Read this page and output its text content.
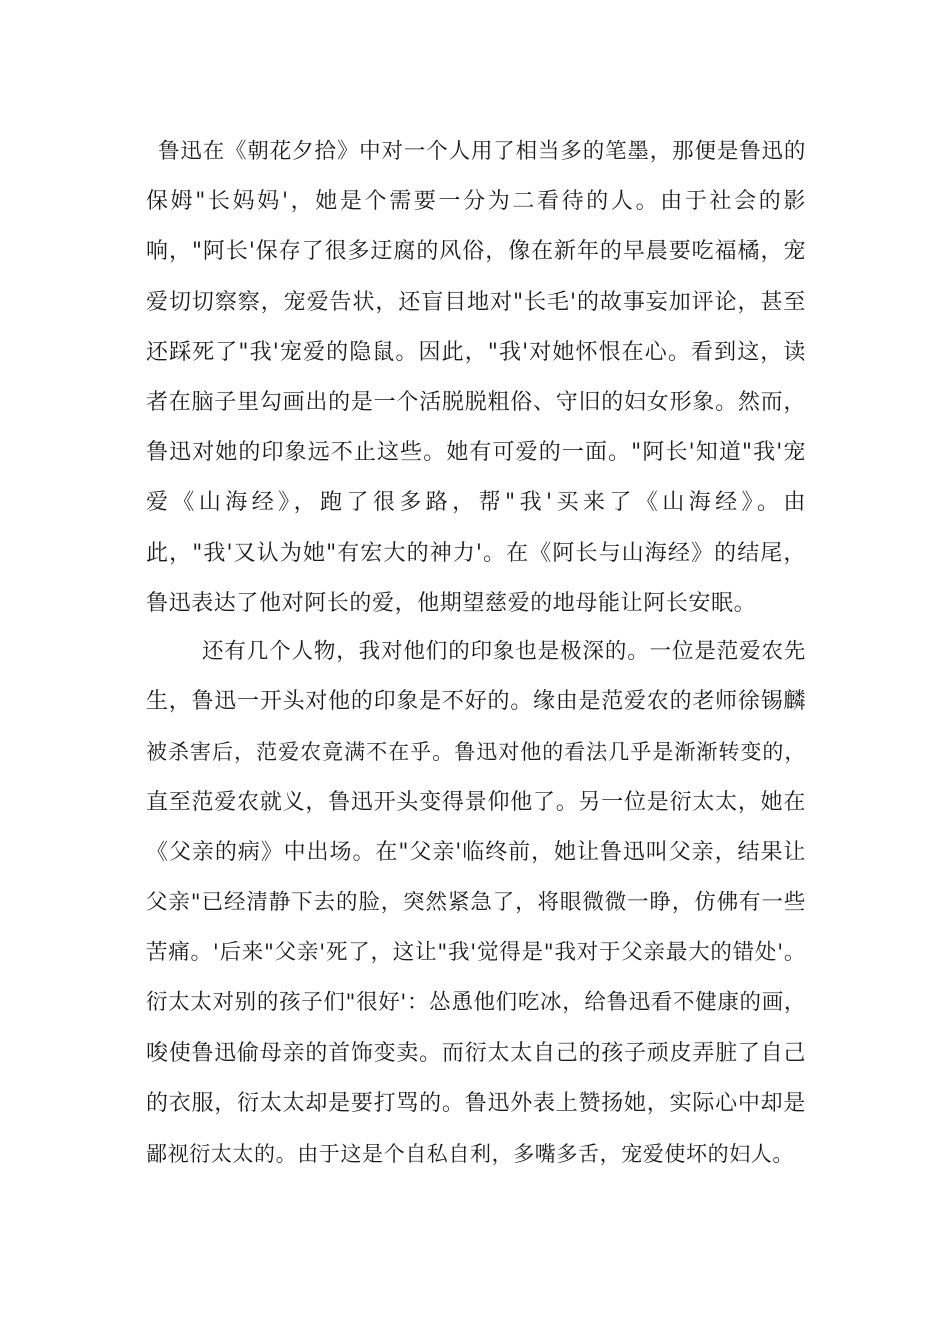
鲁迅在《朝花夕拾》中对一个人用了相当多的笔墨，那便是鲁迅的
保姆"长妈妈'，她是个需要一分为二看待的人。由于社会的影
响，"阿长'保存了很多迂腐的风俗，像在新年的早晨要吃福橘，宠
爱切切察察，宠爱告状，还盲目地对"长毛'的故事妄加评论，甚至
还踩死了"我'宠爱的隐鼠。因此，"我'对她怀恨在心。看到这，读
者在脑子里勾画出的是一个活脱脱粗俗、守旧的妇女形象。然而，
鲁迅对她的印象远不止这些。她有可爱的一面。"阿长'知道"我'宠
爱《山海经》，跑了很多路，帮"我'买来了《山海经》。由
此，"我'又认为她"有宏大的神力'。在《阿长与山海经》的结尾，
鲁迅表达了他对阿长的爱，他期望慈爱的地母能让阿长安眠。
还有几个人物，我对他们的印象也是极深的。一位是范爱农先
生，鲁迅一开头对他的印象是不好的。缘由是范爱农的老师徐锡麟
被杀害后，范爱农竟满不在乎。鲁迅对他的看法几乎是渐渐转变的，
直至范爱农就义，鲁迅开头变得景仰他了。另一位是衍太太，她在
《父亲的病》中出场。在"父亲'临终前，她让鲁迅叫父亲，结果让
父亲"已经清静下去的脸，突然紧急了，将眼微微一睁，仿佛有一些
苦痛。'后来"父亲'死了，这让"我'觉得是"我对于父亲最大的错处'。
衍太太对别的孩子们"很好'：怂恿他们吃冰，给鲁迅看不健康的画，
唆使鲁迅偷母亲的首饰变卖。而衍太太自己的孩子顽皮弄脏了自己
的衣服，衍太太却是要打骂的。鲁迅外表上赞扬她，实际心中却是
鄙视衍太太的。由于这是个自私自利，多嘴多舌，宠爱使坏的妇人。
